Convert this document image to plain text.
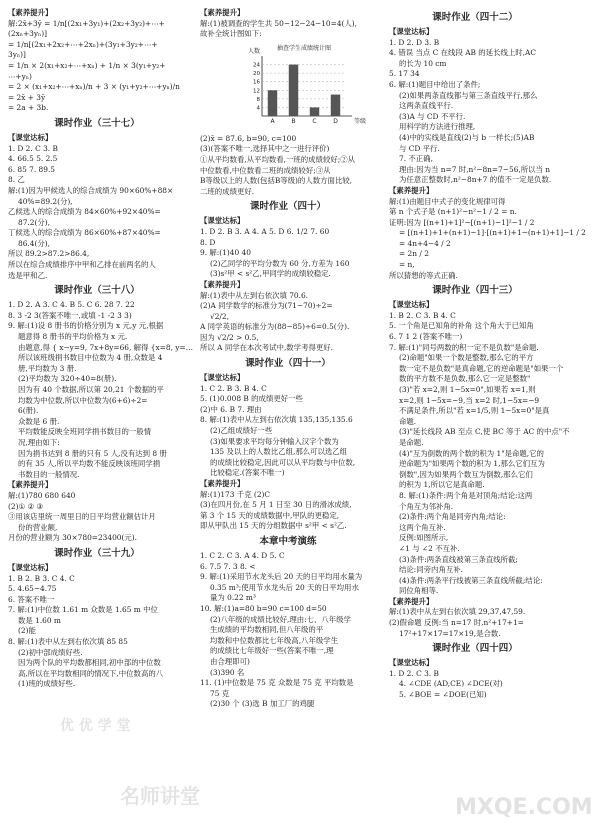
【素养提升】
解:2x̄+3ȳ = 1/n[(2x₁+3y₁)+(2x₂+3y₂)+⋯+
(2xₙ+3yₙ)]
= 1/n[(2x₁+2x₂+⋯+2xₙ)+(3y₁+3y₂+⋯+
3yₙ)]
= 1/n × 2(x₁+x₂+⋯+xₙ) + 1/n × 3(y₁+y₂+
⋯+yₙ)
= 2 × (x₁+x₂+⋯+xₙ)/n + 3 × (y₁+y₂+⋯+yₙ)/n
= 2x̄ + 3ȳ
= 2a + 3b.
课时作业（三十七）
【课堂达标】
1. D 2. C 3. B
4. 66.5 5. 2.5
6. 85 7. 89.5
8. 乙
解:(1)因为甲候选人的综合成绩为 90×60%+88×
40%=89.2(分),
乙候选人的综合成绩为 84×60%+92×40%=
87.2(分),
丁候选人的综合成绩为 86×60%+87×40%=
86.4(分),
所以 89.2>87.2>86.4,
所以在综合成绩排序中甲和乙排在前两名的人
选是甲和乙.
课时作业（三十八）
1. D 2. A 3. C 4. B 5. C 6. 28 7. 22
8. 3 -2 3(答案不唯一,或填 -1 -2 3 3)
9. 解:(1)设 8 册书的价格分别为 x 元,y 元,根据
题意得 8 册书的平均价格为 x 元.
由题意,得 { x−y=9, 7x+8y=66, 解得 {x=8, y=…
所以该班级捐书数目中位数为 4 册,众数是 4
册,平均数为 3 册.
(2)平均数为 320÷40=8(册).
因为有 40 个数据,所以第 20,21 个数据的平
均数为中位数,所以中位数为(6+6)÷2=
6(册).
众数是 6 册.
平均数能反映全班同学捐书数目的一般情
况,理由如下:
因为捐书达到 8 册的只有 5 人,没有达到 8 册
的有 35 人,所以平均数不能反映该班同学捐
书数目的一般情况.
【素养提升】
解:(1)780 680 640
(2)① ② ③
③用该店里统一周里日的日平均营业额估计月
份的营业额,
月份的营业额为 30×780=23400(元).
课时作业（三十九）
【课堂达标】
1. B 2. B 3. C 4. C
5. 4.65~4.75
6. 答案不唯一
7. 解:(1)中位数 1.61 m 众数是 1.65 m 中位
数是 1.60 m
(2)能
8. 解:(1)表中从左到右依次填 85 85
(2)初中部成绩好些.
因为两个队的平均数都相同,初中部的中位数
高,所以在平均数相同的情况下,中位数高的八
(1)班的成绩好些.
【素养提升】
解:(1)被调查的学生共 50−12−24−10=4(人),
故补全统计图如下:
抽查学生成绩统计图
人数
4
8
12
16
20
24
A	B	C	D	等级
(2)x̄ = 87.6, b=90, c=100
(3)(答案不唯一,选择其中之一进行评价)
①从平均数看,从平均数看,一班的成绩较好;②从
中位数看,中位数看二班的成绩较好;③从
B等级以上的人数(包括B等级)的人数方面比较,
二班的成绩更好.
课时作业（四十）
【课堂达标】
1. D 2. B 3. A 4. A 5. D 6. 1/2 7. 60
8. D
9. 解:(1)40 40
(2)乙同学的平均分数为 60 分,方差为 160
(3)s²甲 < s²乙,甲同学的成绩较稳定.
【素养提升】
解:(1)表中从左到右依次填 70.6.
(2)A 同学数学的标准分为(71−70)÷2=
√2/2,
A 同学英语的标准分为(88−85)÷6=0.5(分).
因为 √2/2 > 0.5,
所以 A 同学在本次考试中,数学考得更好.
课时作业（四十一）
【课堂达标】
1. C 2. B 3. B 4. C
5. (1)0.008 B 的成绩更好一些
(2)中 6. B 7. 理由
8. 解:(1)表中从左到右依次填 135,135,135.6
(2)乙组成绩好一些
(3)如果要求平均每分钟输入汉字个数为
135 及以上的人数比乙组,那么可以选乙组
的成绩比较稳定,因此可以从平均数与中位数,
比较稳定.(答案不唯一)
【素养提升】
解:(1)173 千克 (2)C
(3)在四月份,在 5 月 1 日至 30 日的滑冰成绩,
第 3 个 15 天的成绩数据中,甲队的更稳定,
即从甲队出 15 天的分组数据中 s²甲 < s²乙.
本章中考演练
1. C 2. C 3. A 4. D 5. C
6. 7.5 7. 3 8. <
9. 解:(1)采用节水龙头后 20 天的日平均用水量为
0.35 m³;使用节水龙头后 20 天的日平均用水
量为 0.22 m³
10. 解:(1)a=80 b=90 c=100 d=50
(2)八年级的成绩比较好,理由:七、八年级学
生成绩的平均数相同,但八年级的平
均数和中位数都比七年级高,八年级学生
的成绩比七年级好一些(答案不唯一,理
由合理即可)
(3)390 名
11. (1)中位数是 75 克 众数是 75 克 平均数是
75 克
(2)30 个 (3)选 B 加工厂的鸡腿
课时作业（四十二）
【课堂达标】
1. D 2. D 3. B
4. 错误 当点 C 在线段 AB 的延长线上时,AC
的长为 10 cm
5. 17 34
6. 解:(1)题目中给出了条件;
(2)如果两条直线都与第三条直线平行,那么
这两条直线平行.
(3)A 与 CD 不平行.
用科学的方法进行推理,
(4)中的实线是直线(2)与 b 一样长;(5)AB
与 CD 平行.
7. 不正确,
理由:因为当 n=7 时,n²−8n=7−56,所以当 n
为任意正整数时,n²−8n+7 的值不一定是负数.
【素养提升】
解:(1)由题目中式子的变化规律可得
第 n 个式子是 (n+1)²−n²−1 / 2 = n.
证明:因为 [(n+1)+1]²−[(n+1)−1]²−1 / 2
= [(n+1)+1+(n+1)−1]·[(n+1)+1−(n+1)+1]−1 / 2
= 4n+4−4 / 2
= 2n / 2
= n,
所以猜想的等式正确.
课时作业（四十三）
【课堂达标】
1. B 2. C 3. B 4. C
5. 一个角是已知角的补角 这个角大于已知角
6. 7 1 2 (答案不唯一)
7. 解:(1)"同号两数的积一定不是负数"是命题.
(2)命题"如果一个数是整数,那么它的平方
数一定不是负数"是真命题,它的逆命题是"如果一个
数的平方数不是负数,那么它一定是整数"
(3)"若 x=2,则 1−5x=0",如果若 x=1,则
x=2,则 1−5x=−9,当 x=2 时,1−5x=−9
不满足条件,所以"若 x=1/5,则 1−5x=0"是真
命题.
(3)"延长线段 AB 至点 C,使 BC 等于 AC 的中点"不
是命题.
(4)"互为倒数的两个数的积为 1"是命题,它的
逆命题为"如果两个数的积为 1,那么它们互为
倒数",因为如果两个数互为倒数,那么它们
的积为 1,所以它是真命题.
8. 解:(1)条件:两个角是对顶角;结论:这两
个角互为邻补角.
(2)条件:两个角是同旁内角;结论:
这两个角互补.
反例:如图所示,
∠1 与 ∠2 不互补.
(3)条件:两条直线被第三条直线所截;
结论:同旁内角互补.
(4)条件:两条平行线被第三条直线所截;结论:
同位角相等.
【素养提升】
解:(1)表中从左到右依次填 29,37,47,59.
(2)假命题 反例:当 n=17 时,n²+17+1=
17²+17×17=17×19,是合数.
课时作业（四十四）
【课堂达标】
1. D 2. C 3. B
4. ∠CDE (AD,CE) ∠DCE(对)
5. ∠BOE = ∠DOE(已知)
名师讲堂
优 优 学 堂
MXQE.COM
